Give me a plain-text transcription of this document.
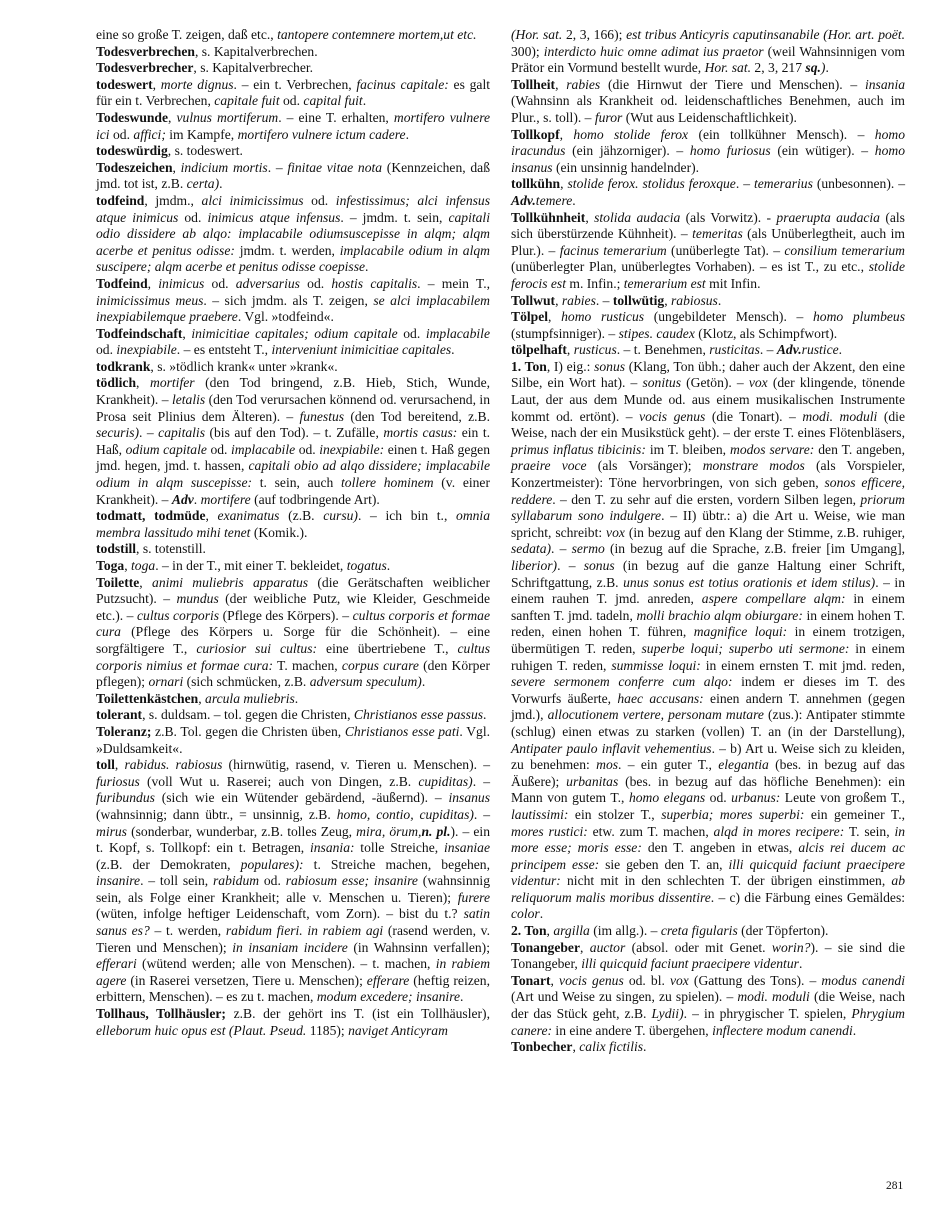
eine so große T. zeigen, daß etc., tantopere contemnere mortem,ut etc.
Todesverbrechen, s. Kapitalverbrechen.
Todesverbrecher, s. Kapitalverbrecher.
todeswert, morte dignus. – ein t. Verbrechen, facinus capitale: es galt für ein t. Verbrechen, capitale fuit od. capital fuit.
Todeswunde, vulnus mortiferum. – eine T. erhalten, mortifero vulnere ici od. affici; im Kampfe, mortifero vulnere ictum cadere.
todeswürdig, s. todeswert.
Todeszeichen, indicium mortis. – finitae vitae nota (Kennzeichen, daß jmd. tot ist, z.B. certa).
todfeind, jmdm., alci inimicissimus od. infestissimus; alci infensus atque inimicus od. inimicus atque infensus. – jmdm. t. sein, capitali odio dissidere ab alqo: implacabile odiumsuscepisse in alqm; alqm acerbe et penitus odisse: jmdm. t. werden, implacabile odium in alqm suscipere; alqm acerbe et penitus odisse coepisse.
Todfeind, inimicus od. adversarius od. hostis capitalis. – mein T., inimicissimus meus. – sich jmdm. als T. zeigen, se alci implacabilem inexpiabilemque praebere. Vgl. »todfeind«.
Todfeindschaft, inimicitiae capitales; odium capitale od. implacabile od. inexpiabile. – es entsteht T., interveniunt inimicitiae capitales.
todkrank, s. »tödlich krank« unter »krank«.
tödlich, mortifer (den Tod bringend, z.B. Hieb, Stich, Wunde, Krankheit). – letalis (den Tod verursachen könnend od. verursachend, in Prosa seit Plinius dem Älteren). – funestus (den Tod bereitend, z.B. securis). – capitalis (bis auf den Tod). – t. Zufälle, mortis casus: ein t. Haß, odium capitale od. implacabile od. inexpiabile: einen t. Haß gegen jmd. hegen, jmd. t. hassen, capitali obio ad alqo dissidere; implacabile odium in alqm suscepisse: t. sein, auch tollere hominem (v. einer Krankheit). – Adv. mortifere (auf todbringende Art).
todmatt, todmüde, exanimatus (z.B. cursu). – ich bin t., omnia membra lassitudo mihi tenet (Komik.).
todstill, s. totenstill.
Toga, toga. – in der T., mit einer T. bekleidet, togatus.
Toilette, animi muliebris apparatus (die Gerätschaften weiblicher Putzsucht). – mundus (der weibliche Putz, wie Kleider, Geschmeide etc.). – cultus corporis (Pflege des Körpers). – cultus corporis et formae cura (Pflege des Körpers u. Sorge für die Schönheit). – eine sorgfältigere T., curiosior sui cultus: eine übertriebene T., cultus corporis nimius et formae cura: T. machen, corpus curare (den Körper pflegen); ornari (sich schmücken, z.B. adversum speculum).
Toilettenkästchen, arcula muliebris.
tolerant, s. duldsam. – tol. gegen die Christen, Christianos esse passus.
Toleranz; z.B. Tol. gegen die Christen üben, Christianos esse pati. Vgl. »Duldsamkeit«.
toll, rabidus. rabiosus (hirnwütig, rasend, v. Tieren u. Menschen). – furiosus (voll Wut u. Raserei; auch von Dingen, z.B. cupiditas). – furibundus (sich wie ein Wütender gebärdend, -äußernd). – insanus (wahnsinnig; dann übtr., = unsinnig, z.B. homo, contio, cupiditas). – mirus (sonderbar, wunderbar, z.B. tolles Zeug, mira, örum,n. pl.). – ein t. Kopf, s. Tollkopf: ein t. Betragen, insania: tolle Streiche, insaniae (z.B. der Demokraten, populares): t. Streiche machen, begehen, insanire. – toll sein, rabidum od. rabiosum esse; insanire (wahnsinnig sein, als Folge einer Krankheit; alle v. Menschen u. Tieren); furere (wüten, infolge heftiger Leidenschaft, vom Zorn). – bist du t.? satin sanus es? – t. werden, rabidum fieri. in rabiem agi (rasend werden, v. Tieren und Menschen); in insaniam incidere (in Wahnsinn verfallen); efferari (wütend werden; alle von Menschen). – t. machen, in rabiem agere (in Raserei versetzen, Tiere u. Menschen); efferare (heftig reizen, erbittern, Menschen). – es zu t. machen, modum excedere; insanire.
Tollhaus, Tollhäusler; z.B. der gehört ins T. (ist ein Tollhäusler), elleborum huic opus est (Plaut. Pseud. 1185); naviget Anticyram
(Hor. sat. 2, 3, 166); est tribus Anticyris caputinsanabile (Hor. art. poët. 300); interdicto huic omne adimat ius praetor (weil Wahnsinnigen vom Prätor ein Vormund bestellt wurde, Hor. sat. 2, 3, 217 sq.).
Tollheit, rabies (die Hirnwut der Tiere und Menschen). – insania (Wahnsinn als Krankheit od. leidenschaftliches Benehmen, auch im Plur., s. toll). – furor (Wut aus Leidenschaftlichkeit).
Tollkopf, homo stolide ferox (ein tollkühner Mensch). – homo iracundus (ein jähzorniger). – homo furiosus (ein wütiger). – homo insanus (ein unsinnig handelnder).
tollkühn, stolide ferox. stolidus feroxque. – temerarius (unbesonnen). – Adv.temere.
Tollkühnheit, stolida audacia (als Vorwitz). - praerupta audacia (als sich überstürzende Kühnheit). – temeritas (als Unüberlegtheit, auch im Plur.). – facinus temerarium (unüberlegte Tat). – consilium temerarium (unüberlegter Plan, unüberlegtes Vorhaben). – es ist T., zu etc., stolide ferocis est m. Infin.; temerarium est mit Infin.
Tollwut, rabies. – tollwütig, rabiosus.
Tölpel, homo rusticus (ungebildeter Mensch). – homo plumbeus (stumpfsinniger). – stipes. caudex (Klotz, als Schimpfwort).
tölpelhaft, rusticus. – t. Benehmen, rusticitas. – Adv.rustice.
1. Ton, I) eig.: sonus (Klang, Ton übh.; daher auch der Akzent, den eine Silbe, ein Wort hat). – sonitus (Getön). – vox (der klingende, tönende Laut, der aus dem Munde od. aus einem musikalischen Instrumente kommt od. ertönt). – vocis genus (die Tonart). – modi. moduli (die Weise, nach der ein Musikstück geht). – der erste T. eines Flötenbläsers, primus inflatus tibicinis: im T. bleiben, modos servare: den T. angeben, praeire voce (als Vorsänger); monstrare modos (als Vorspieler, Konzertmeister): Töne hervorbringen, von sich geben, sonos efficere, reddere. – den T. zu sehr auf die ersten, vordern Silben legen, priorum syllabarum sono indulgere. – II) übtr.: a) die Art u. Weise, wie man spricht, schreibt: vox (in bezug auf den Klang der Stimme, z.B. ruhiger, sedata). – sermo (in bezug auf die Sprache, z.B. freier [im Umgang], liberior). – sonus (in bezug auf die ganze Haltung einer Schrift, Schriftgattung, z.B. unus sonus est totius orationis et idem stilus). – in einem rauhen T. jmd. anreden, aspere compellare alqm: in einem sanften T. jmd. tadeln, molli brachio alqm obiurgare: in einem hohen T. reden, einen hohen T. führen, magnifice loqui: in einem trotzigen, übermütigen T. reden, superbe loqui; superbo uti sermone: in einem ruhigen T. reden, summisse loqui: in einem ernsten T. mit jmd. reden, severe sermonem conferre cum alqo: indem er dieses im T. des Vorwurfs äußerte, haec accusans: einen andern T. annehmen (gegen jmd.), allocutionem vertere, personam mutare (zus.): Antipater stimmte (schlug) einen etwas zu starken (vollen) T. an (in der Darstellung), Antipater paulo inflavit vehementius. – b) Art u. Weise sich zu kleiden, zu benehmen: mos. – ein guter T., elegantia (bes. in bezug auf das Äußere); urbanitas (bes. in bezug auf das höfliche Benehmen): ein Mann von gutem T., homo elegans od. urbanus: Leute von großem T., lautissimi: ein stolzer T., superbia; mores superbi: ein gemeiner T., mores rustici: etw. zum T. machen, alqd in mores recipere: T. sein, in more esse; moris esse: den T. angeben in etwas, alcis rei ducem ac principem esse: sie geben den T. an, illi quicquid faciunt praecipere videntur: nicht mit in den schlechten T. der übrigen einstimmen, ab reliquorum malis moribus dissentire. – c) die Färbung eines Gemäldes: color.
2. Ton, argilla (im allg.). – creta figularis (der Töpferton).
Tonangeber, auctor (absol. oder mit Genet. worin?). – sie sind die Tonangeber, illi quicquid faciunt praecipere videntur.
Tonart, vocis genus od. bl. vox (Gattung des Tons). – modus canendi (Art und Weise zu singen, zu spielen). – modi. moduli (die Weise, nach der das Stück geht, z.B. Lydii). – in phrygischer T. spielen, Phrygium canere: in eine andere T. übergehen, inflectere modum canendi.
Tonbecher, calix fictilis.
281
